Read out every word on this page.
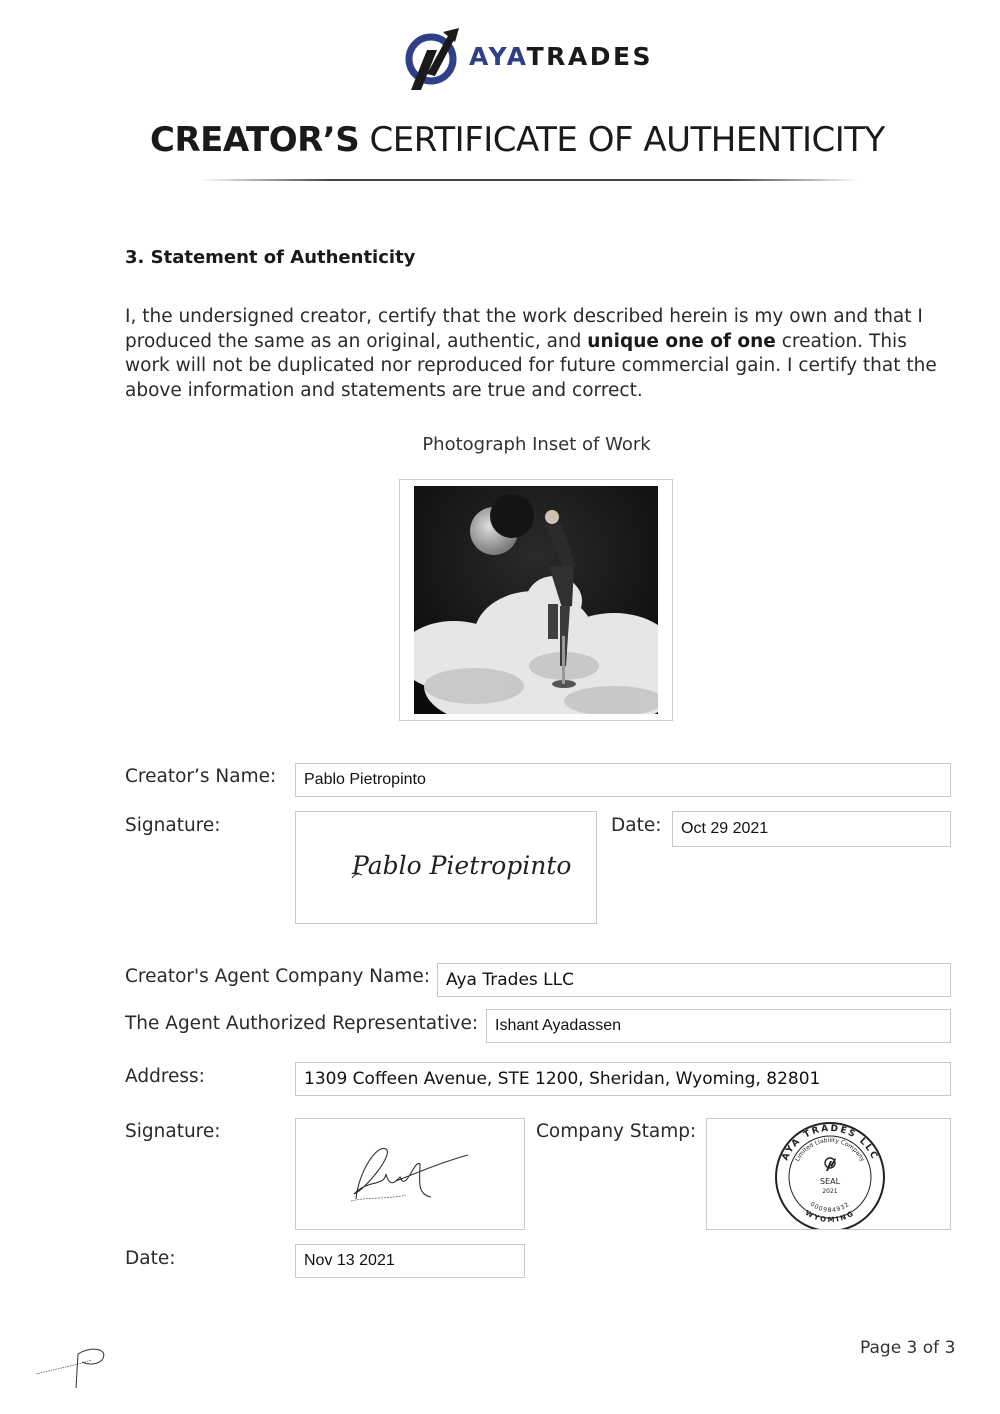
AYATRADES
CREATOR’S CERTIFICATE OF AUTHENTICITY
3. Statement of Authenticity
I, the undersigned creator, certify that the work described herein is my own and that I produced the same as an original, authentic, and unique one of one creation. This work will not be duplicated nor reproduced for future commercial gain. I certify that the above information and statements are true and correct.
Photograph Inset of Work
Creator’s Name:	Pablo Pietropinto
Signature:
Pablo Pietropinto
Date:	Oct 29 2021
Creator's Agent Company Name: Aya Trades LLC
The Agent Authorized Representative:	Ishant Ayadassen
Address:	1309 Coffeen Avenue, STE 1200, Sheridan, Wyoming, 82801
Signature:	Company Stamp:
AYA TRADES LLC
Limited Liability Company
WYOMING
000984932
SEAL
2021
Date:	Nov 13 2021
Page 3 of 3
